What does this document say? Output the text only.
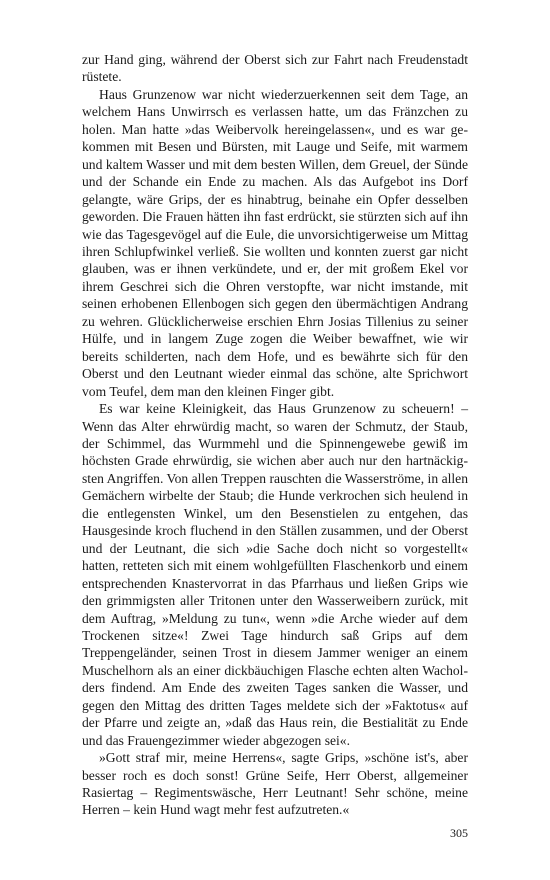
zur Hand ging, während der Oberst sich zur Fahrt nach Freudenstadt rüstete.

Haus Grunzenow war nicht wiederzuerkennen seit dem Tage, an welchem Hans Unwirrsch es verlassen hatte, um das Fränzchen zu holen. Man hatte »das Weibervolk hereingelassen«, und es war gekommen mit Besen und Bürsten, mit Lauge und Seife, mit warmem und kaltem Wasser und mit dem besten Willen, dem Greuel, der Sünde und der Schande ein Ende zu machen. Als das Aufgebot ins Dorf gelangte, wäre Grips, der es hinabtrug, beinahe ein Opfer desselben geworden. Die Frauen hätten ihn fast erdrückt, sie stürzten sich auf ihn wie das Tagesgevögel auf die Eule, die unvorsichtigerweise um Mittag ihren Schlupfwinkel verließ. Sie wollten und konnten zuerst gar nicht glauben, was er ihnen verkündete, und er, der mit großem Ekel vor ihrem Geschrei sich die Ohren verstopfte, war nicht imstande, mit seinen erhobenen Ellenbogen sich gegen den übermächtigen Andrang zu wehren. Glücklicherweise erschien Ehrn Josias Tillenius zu seiner Hülfe, und in langem Zuge zogen die Weiber bewaffnet, wie wir bereits schilderten, nach dem Hofe, und es bewährte sich für den Oberst und den Leutnant wieder einmal das schöne, alte Sprichwort vom Teufel, dem man den kleinen Finger gibt.

Es war keine Kleinigkeit, das Haus Grunzenow zu scheuern! – Wenn das Alter ehrwürdig macht, so waren der Schmutz, der Staub, der Schimmel, das Wurmmehl und die Spinnengewebe gewiß im höchsten Grade ehrwürdig, sie wichen aber auch nur den hartnäckigsten Angriffen. Von allen Treppen rauschten die Wasserströme, in allen Gemächern wirbelte der Staub; die Hunde verkrochen sich heulend in die entlegensten Winkel, um den Besenstielen zu entgehen, das Hausgesinde kroch fluchend in den Ställen zusammen, und der Oberst und der Leutnant, die sich »die Sache doch nicht so vorgestellt« hatten, retteten sich mit einem wohlgefüllten Flaschenkorb und einem entsprechenden Knastervorrat in das Pfarrhaus und ließen Grips wie den grimmigsten aller Tritonen unter den Wasserweibern zurück, mit dem Auftrag, »Meldung zu tun«, wenn »die Arche wieder auf dem Trockenen sitze«! Zwei Tage hindurch saß Grips auf dem Treppengeländer, seinen Trost in diesem Jammer weniger an einem Muschelhorn als an einer dickbäuchigen Flasche echten alten Wacholders findend. Am Ende des zweiten Tages sanken die Wasser, und gegen den Mittag des dritten Tages meldete sich der »Faktotus« auf der Pfarre und zeigte an, »daß das Haus rein, die Bestialität zu Ende und das Frauengezimmer wieder abgezogen sei«.

»Gott straf mir, meine Herrens«, sagte Grips, »schöne ist's, aber besser roch es doch sonst! Grüne Seife, Herr Oberst, allgemeiner Rasiertag – Regimentswäsche, Herr Leutnant! Sehr schöne, meine Herren – kein Hund wagt mehr fest aufzutreten.«

305
